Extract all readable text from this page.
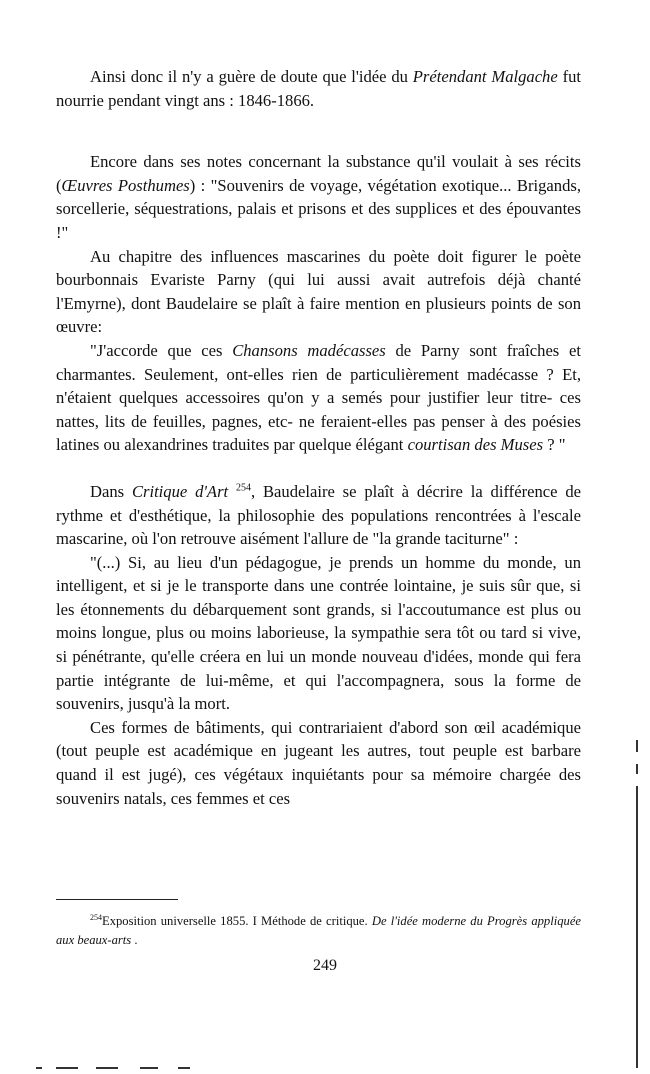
Ainsi donc il n'y a guère de doute que l'idée du Prétendant Malgache fut nourrie pendant vingt ans : 1846-1866.

Encore dans ses notes concernant la substance qu'il voulait à ses récits (Œuvres Posthumes) : "Souvenirs de voyage, végétation exotique... Brigands, sorcellerie, séquestrations, palais et prisons et des supplices et des épouvantes !"

Au chapitre des influences mascarines du poète doit figurer le poète bourbonnais Evariste Parny (qui lui aussi avait autrefois déjà chanté l'Emyrne), dont Baudelaire se plaît à faire mention en plusieurs points de son œuvre:

"J'accorde que ces Chansons madécasses de Parny sont fraîches et charmantes. Seulement, ont-elles rien de particulièrement madécasse ? Et, n'étaient quelques accessoires qu'on y a semés pour justifier leur titre- ces nattes, lits de feuilles, pagnes, etc- ne feraient-elles pas penser à des poésies latines ou alexandrines traduites par quelque élégant courtisan des Muses ? "

Dans Critique d'Art $^{254}$, Baudelaire se plaît à décrire la différence de rythme et d'esthétique, la philosophie des populations rencontrées à l'escale mascarine, où l'on retrouve aisément l'allure de "la grande taciturne" :

"(...) Si, au lieu d'un pédagogue, je prends un homme du monde, un intelligent, et si je le transporte dans une contrée lointaine, je suis sûr que, si les étonnements du débarquement sont grands, si l'accoutumance est plus ou moins longue, plus ou moins laborieuse, la sympathie sera tôt ou tard si vive, si pénétrante, qu'elle créera en lui un monde nouveau d'idées, monde qui fera partie intégrante de lui-même, et qui l'accompagnera, sous la forme de souvenirs, jusqu'à la mort.

Ces formes de bâtiments, qui contrariaient d'abord son œil académique (tout peuple est académique en jugeant les autres, tout peuple est barbare quand il est jugé), ces végétaux inquiétants pour sa mémoire chargée des souvenirs natals, ces femmes et ces

$^{254}$Exposition universelle 1855. I Méthode de critique. De l'idée moderne du Progrès appliquée aux beaux-arts .
249
